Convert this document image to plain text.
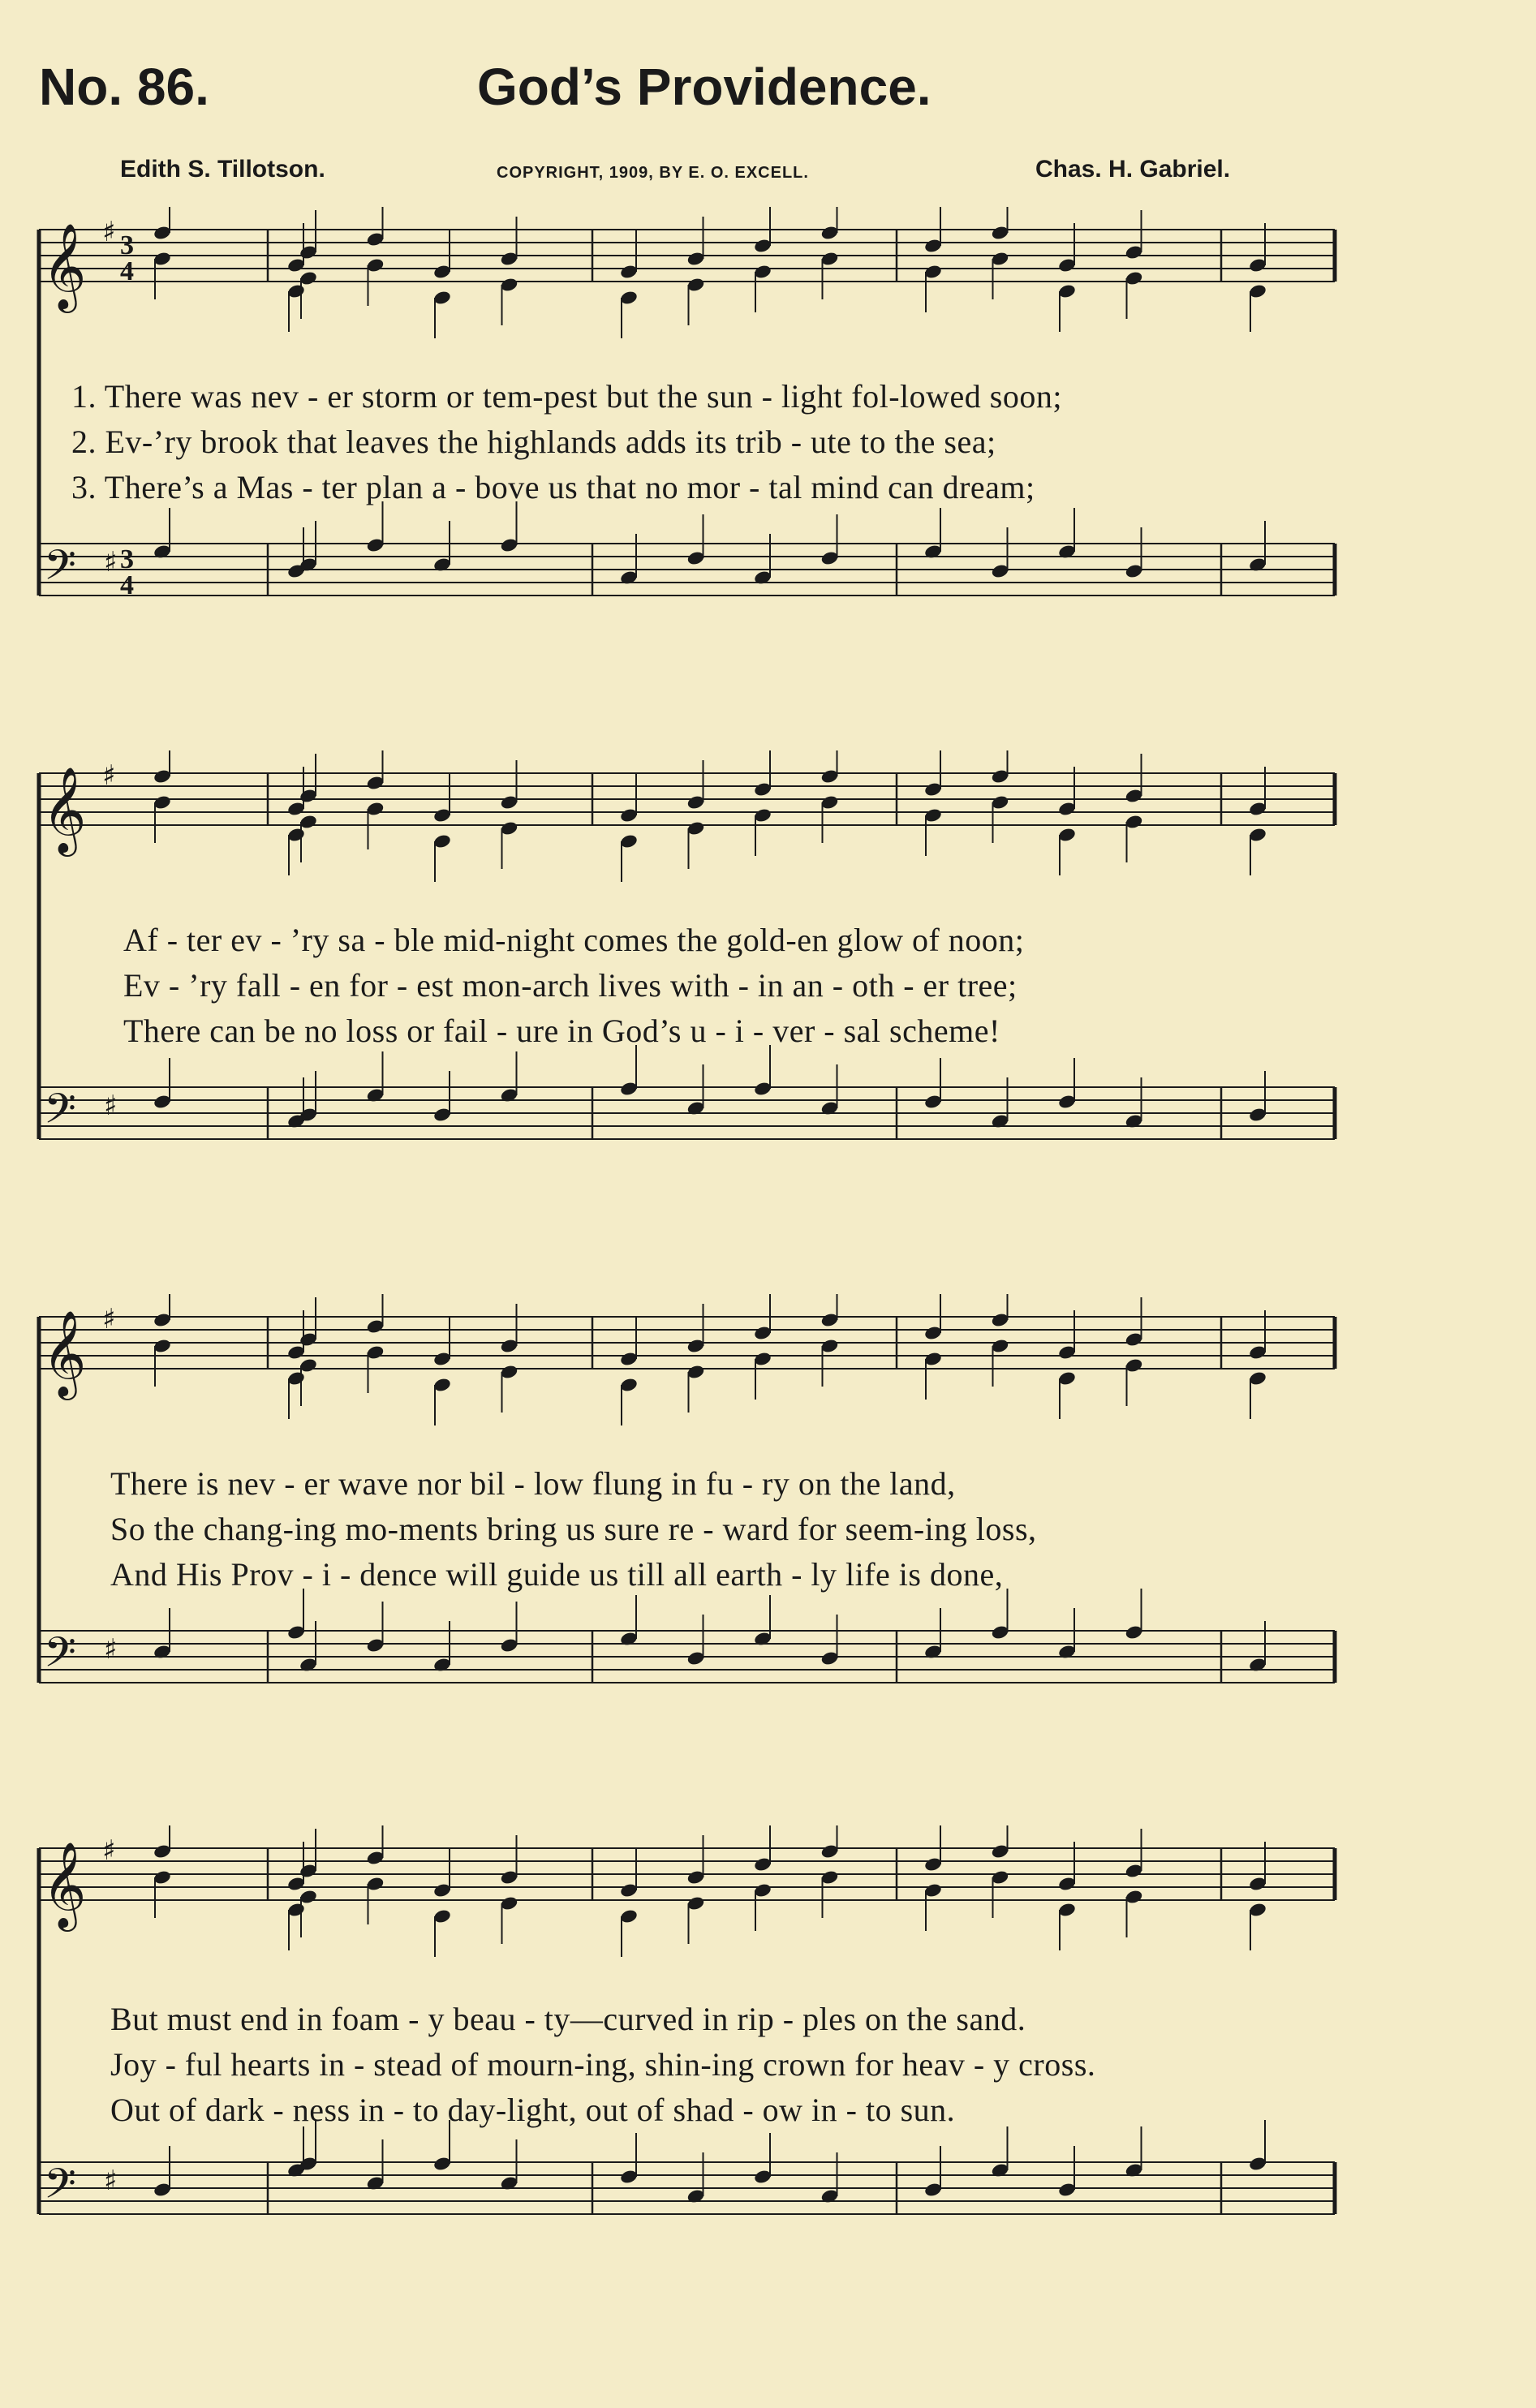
No. 86.	God’s Providence.
Edith S. Tillotson.	COPYRIGHT, 1909, BY E. O. EXCELL.	Chas. H. Gabriel.
𝄞
𝄢
♯
♯
3
4
3
4
1. There was nev - er storm or tem-pest but the sun - light fol-lowed soon;
2. Ev-’ry brook that leaves the highlands adds its trib - ute to the sea;
3. There’s a Mas - ter plan a - bove us that no mor - tal mind can dream;
𝄞
𝄢
♯
♯
Af - ter ev - ’ry sa - ble mid-night comes the gold-en glow of noon;
Ev - ’ry fall - en for - est mon-arch lives with - in an - oth - er tree;
There can be no loss or fail - ure in God’s u - i - ver - sal scheme!
𝄞
𝄢
♯
♯
There is nev - er wave nor bil - low flung in fu - ry on the land,
So the chang-ing mo-ments bring us sure re - ward for seem-ing loss,
And His Prov - i - dence will guide us till all earth - ly life is done,
𝄞
𝄢
♯
♯
But must end in foam - y beau - ty—curved in rip - ples on the sand.
Joy - ful hearts in - stead of mourn-ing, shin-ing crown for heav - y cross.
Out of dark - ness in - to day-light, out of shad - ow in - to sun.
